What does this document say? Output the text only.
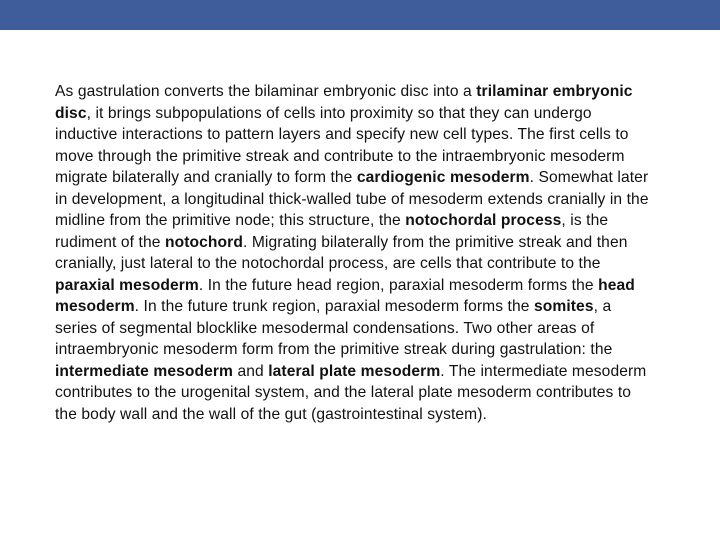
As gastrulation converts the bilaminar embryonic disc into a trilaminar embryonic disc, it brings subpopulations of cells into proximity so that they can undergo inductive interactions to pattern layers and specify new cell types. The first cells to move through the primitive streak and contribute to the intraembryonic mesoderm migrate bilaterally and cranially to form the cardiogenic mesoderm. Somewhat later in development, a longitudinal thick-walled tube of mesoderm extends cranially in the midline from the primitive node; this structure, the notochordal process, is the rudiment of the notochord. Migrating bilaterally from the primitive streak and then cranially, just lateral to the notochordal process, are cells that contribute to the paraxial mesoderm. In the future head region, paraxial mesoderm forms the head mesoderm. In the future trunk region, paraxial mesoderm forms the somites, a series of segmental blocklike mesodermal condensations. Two other areas of intraembryonic mesoderm form from the primitive streak during gastrulation: the intermediate mesoderm and lateral plate mesoderm. The intermediate mesoderm contributes to the urogenital system, and the lateral plate mesoderm contributes to the body wall and the wall of the gut (gastrointestinal system).
